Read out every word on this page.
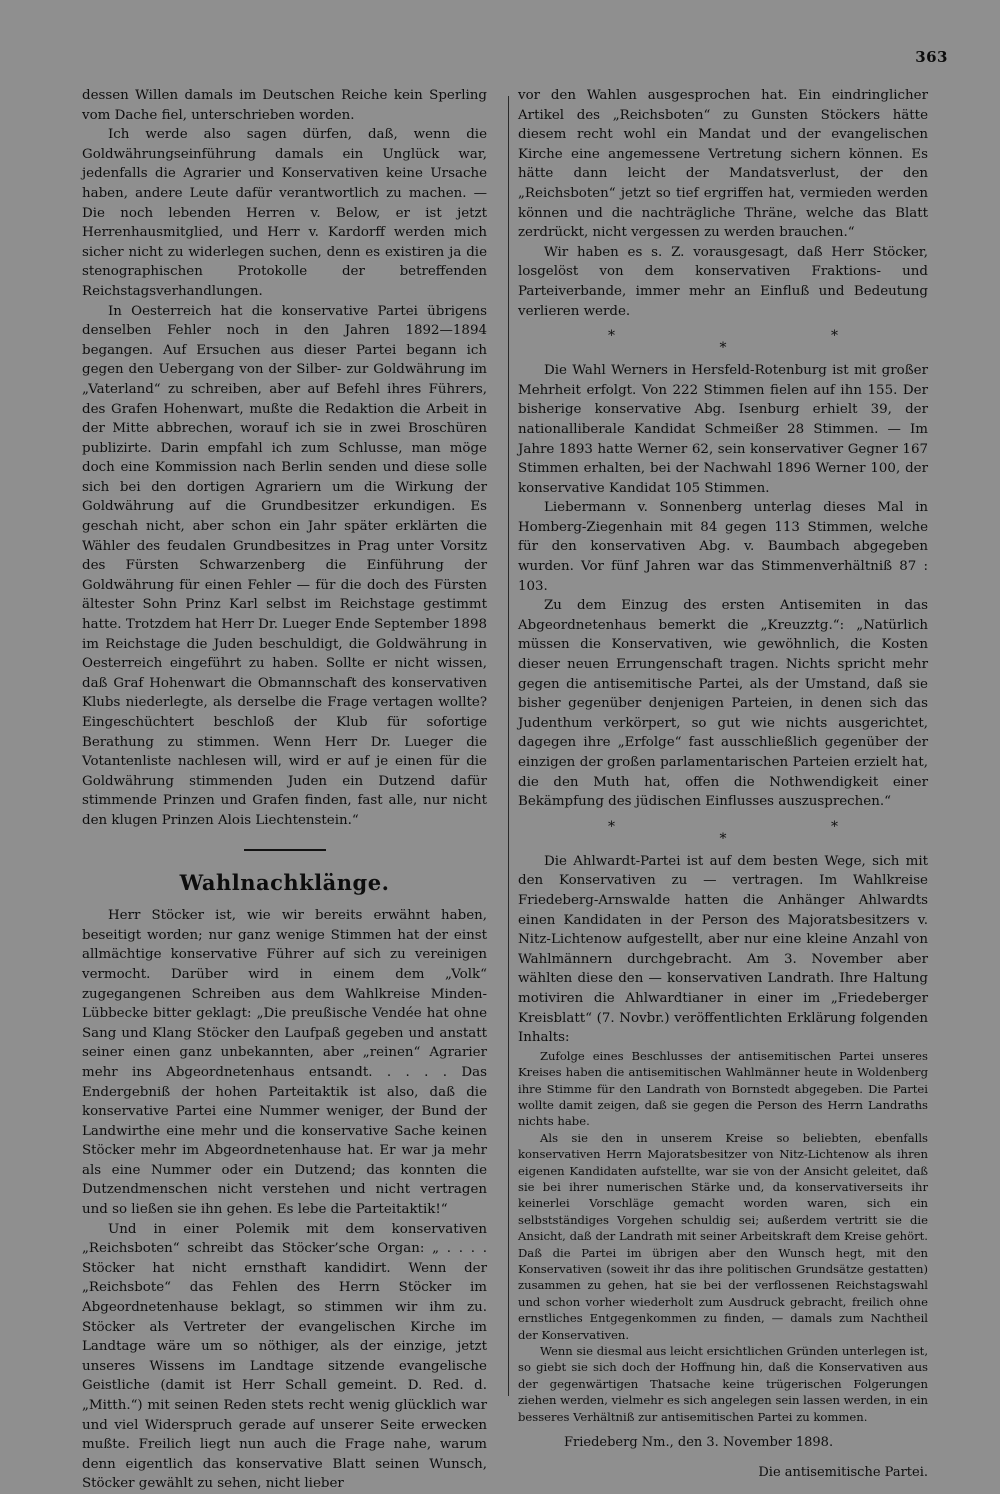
363

dessen Willen damals im Deutschen Reiche kein Sperling vom Dache fiel, unterschrieben worden.

Ich werde also sagen dürfen, daß, wenn die Goldwährungseinführung damals ein Unglück war, jedenfalls die Agrarier und Konservativen keine Ursache haben, andere Leute dafür verantwortlich zu machen. — Die noch lebenden Herren v. Below, er ist jetzt Herrenhausmitglied, und Herr v. Kardorff werden mich sicher nicht zu widerlegen suchen, denn es existiren ja die stenographischen Protokolle der betreffenden Reichstagsverhandlungen.

In Oesterreich hat die konservative Partei übrigens denselben Fehler noch in den Jahren 1892—1894 begangen. Auf Ersuchen aus dieser Partei begann ich gegen den Uebergang von der Silber- zur Goldwährung im „Vaterland“ zu schreiben, aber auf Befehl ihres Führers, des Grafen Hohenwart, mußte die Redaktion die Arbeit in der Mitte abbrechen, worauf ich sie in zwei Broschüren publizirte. Darin empfahl ich zum Schlusse, man möge doch eine Kommission nach Berlin senden und diese solle sich bei den dortigen Agrariern um die Wirkung der Goldwährung auf die Grundbesitzer erkundigen. Es geschah nicht, aber schon ein Jahr später erklärten die Wähler des feudalen Grundbesitzes in Prag unter Vorsitz des Fürsten Schwarzenberg die Einführung der Goldwährung für einen Fehler — für die doch des Fürsten ältester Sohn Prinz Karl selbst im Reichstage gestimmt hatte. Trotzdem hat Herr Dr. Lueger Ende September 1898 im Reichstage die Juden beschuldigt, die Goldwährung in Oesterreich eingeführt zu haben. Sollte er nicht wissen, daß Graf Hohenwart die Obmannschaft des konservativen Klubs niederlegte, als derselbe die Frage vertagen wollte? Eingeschüchtert beschloß der Klub für sofortige Berathung zu stimmen. Wenn Herr Dr. Lueger die Votantenliste nachlesen will, wird er auf je einen für die Goldwährung stimmenden Juden ein Dutzend dafür stimmende Prinzen und Grafen finden, fast alle, nur nicht den klugen Prinzen Alois Liechtenstein.“

Wahlnachklänge.

Herr Stöcker ist, wie wir bereits erwähnt haben, beseitigt worden; nur ganz wenige Stimmen hat der einst allmächtige konservative Führer auf sich zu vereinigen vermocht. Darüber wird in einem dem „Volk“ zugegangenen Schreiben aus dem Wahlkreise Minden-Lübbecke bitter geklagt: „Die preußische Vendée hat ohne Sang und Klang Stöcker den Laufpaß gegeben und anstatt seiner einen ganz unbekannten, aber „reinen“ Agrarier mehr ins Abgeordnetenhaus entsandt. . . . . Das Endergebniß der hohen Parteitaktik ist also, daß die konservative Partei eine Nummer weniger, der Bund der Landwirthe eine mehr und die konservative Sache keinen Stöcker mehr im Abgeordnetenhause hat. Er war ja mehr als eine Nummer oder ein Dutzend; das konnten die Dutzendmenschen nicht verstehen und nicht vertragen und so ließen sie ihn gehen. Es lebe die Parteitaktik!“

Und in einer Polemik mit dem konservativen „Reichsboten“ schreibt das Stöcker’sche Organ: „ . . . . Stöcker hat nicht ernsthaft kandidirt. Wenn der „Reichsbote“ das Fehlen des Herrn Stöcker im Abgeordnetenhause beklagt, so stimmen wir ihm zu. Stöcker als Vertreter der evangelischen Kirche im Landtage wäre um so nöthiger, als der einzige, jetzt unseres Wissens im Landtage sitzende evangelische Geistliche (damit ist Herr Schall gemeint. D. Red. d. „Mitth.“) mit seinen Reden stets recht wenig glücklich war und viel Widerspruch gerade auf unserer Seite erwecken mußte. Freilich liegt nun auch die Frage nahe, warum denn eigentlich das konservative Blatt seinen Wunsch, Stöcker gewählt zu sehen, nicht lieber

vor den Wahlen ausgesprochen hat. Ein eindringlicher Artikel des „Reichsboten“ zu Gunsten Stöckers hätte diesem recht wohl ein Mandat und der evangelischen Kirche eine angemessene Vertretung sichern können. Es hätte dann leicht der Mandatsverlust, der den „Reichsboten“ jetzt so tief ergriffen hat, vermieden werden können und die nachträgliche Thräne, welche das Blatt zerdrückt, nicht vergessen zu werden brauchen.“

Wir haben es s. Z. vorausgesagt, daß Herr Stöcker, losgelöst von dem konservativen Fraktions- und Parteiverbande, immer mehr an Einfluß und Bedeutung verlieren werde.

*
*
*

Die Wahl Werners in Hersfeld-Rotenburg ist mit großer Mehrheit erfolgt. Von 222 Stimmen fielen auf ihn 155. Der bisherige konservative Abg. Isenburg erhielt 39, der nationalliberale Kandidat Schmeißer 28 Stimmen. — Im Jahre 1893 hatte Werner 62, sein konservativer Gegner 167 Stimmen erhalten, bei der Nachwahl 1896 Werner 100, der konservative Kandidat 105 Stimmen.

Liebermann v. Sonnenberg unterlag dieses Mal in Homberg-Ziegenhain mit 84 gegen 113 Stimmen, welche für den konservativen Abg. v. Baumbach abgegeben wurden. Vor fünf Jahren war das Stimmenverhältniß 87 : 103.

Zu dem Einzug des ersten Antisemiten in das Abgeordnetenhaus bemerkt die „Kreuzztg.“: „Natürlich müssen die Konservativen, wie gewöhnlich, die Kosten dieser neuen Errungenschaft tragen. Nichts spricht mehr gegen die antisemitische Partei, als der Umstand, daß sie bisher gegenüber denjenigen Parteien, in denen sich das Judenthum verkörpert, so gut wie nichts ausgerichtet, dagegen ihre „Erfolge“ fast ausschließlich gegenüber der einzigen der großen parlamentarischen Parteien erzielt hat, die den Muth hat, offen die Nothwendigkeit einer Bekämpfung des jüdischen Einflusses auszusprechen.“

*
*
*

Die Ahlwardt-Partei ist auf dem besten Wege, sich mit den Konservativen zu — vertragen. Im Wahlkreise Friedeberg-Arnswalde hatten die Anhänger Ahlwardts einen Kandidaten in der Person des Majoratsbesitzers v. Nitz-Lichtenow aufgestellt, aber nur eine kleine Anzahl von Wahlmännern durchgebracht. Am 3. November aber wählten diese den — konservativen Landrath. Ihre Haltung motiviren die Ahlwardtianer in einer im „Friedeberger Kreisblatt“ (7. Novbr.) veröffentlichten Erklärung folgenden Inhalts:

Zufolge eines Beschlusses der antisemitischen Partei unseres Kreises haben die antisemitischen Wahlmänner heute in Woldenberg ihre Stimme für den Landrath von Bornstedt abgegeben. Die Partei wollte damit zeigen, daß sie gegen die Person des Herrn Landraths nichts habe.

Als sie den in unserem Kreise so beliebten, ebenfalls konservativen Herrn Majoratsbesitzer von Nitz-Lichtenow als ihren eigenen Kandidaten aufstellte, war sie von der Ansicht geleitet, daß sie bei ihrer numerischen Stärke und, da konservativerseits ihr keinerlei Vorschläge gemacht worden waren, sich ein selbstständiges Vorgehen schuldig sei; außerdem vertritt sie die Ansicht, daß der Landrath mit seiner Arbeitskraft dem Kreise gehört. Daß die Partei im übrigen aber den Wunsch hegt, mit den Konservativen (soweit ihr das ihre politischen Grundsätze gestatten) zusammen zu gehen, hat sie bei der verflossenen Reichstagswahl und schon vorher wiederholt zum Ausdruck gebracht, freilich ohne ernstliches Entgegenkommen zu finden, — damals zum Nachtheil der Konservativen.

Wenn sie diesmal aus leicht ersichtlichen Gründen unterlegen ist, so giebt sie sich doch der Hoffnung hin, daß die Konservativen aus der gegenwärtigen Thatsache keine trügerischen Folgerungen ziehen werden, vielmehr es sich angelegen sein lassen werden, in ein besseres Verhältniß zur antisemitischen Partei zu kommen.

Friedeberg Nm., den 3. November 1898.
Die antisemitische Partei.
